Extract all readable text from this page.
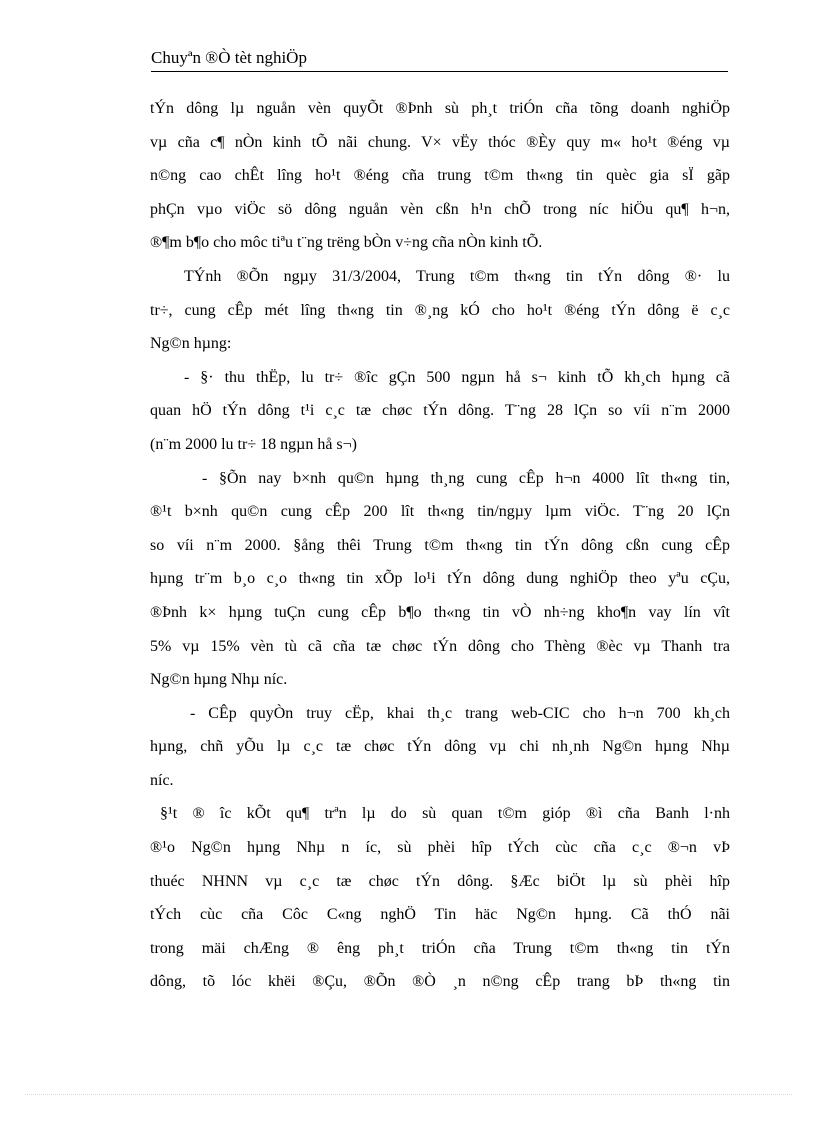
Chuyªn ®Ò tèt nghiÖp
tÝn dông lµ nguån vèn quyÕt ®Þnh sù ph¸t triÓn cña tõng doanh nghiÖp
vµ cña c¶ nÒn kinh tÕ nãi chung. V× vËy thóc ®Èy quy m« ho¹t ®éng vµ
n©ng cao chÊt lîng ho¹t ®éng cña trung t©m th«ng tin quèc gia sÏ gãp
phÇn vµo viÖc sö dông nguån vèn cßn h¹n chÕ trong níc hiÖu qu¶ h¬n,
®¶m b¶o cho môc tiªu t¨ng trëng bÒn v÷ng cña nÒn kinh tÕ.
TÝnh ®Õn ngµy 31/3/2004, Trung t©m th«ng tin tÝn dông ®· lu
tr÷, cung cÊp mét lîng th«ng tin ®¸ng kÓ cho ho¹t ®éng tÝn dông ë c¸c
Ng©n hµng:
- §· thu thËp, lu tr÷ ®îc gÇn 500 ngµn hå s¬ kinh tÕ kh¸ch hµng cã
quan hÖ tÝn dông t¹i c¸c tæ chøc tÝn dông. T¨ng 28 lÇn so víi n¨m 2000
(n¨m 2000 lu tr÷ 18 ngµn hå s¬)
- §Õn nay b×nh qu©n hµng th¸ng cung cÊp h¬n 4000 lît th«ng tin,
®¹t b×nh qu©n cung cÊp 200 lît th«ng tin/ngµy lµm viÖc. T¨ng 20 lÇn
so víi n¨m 2000. §ång thêi Trung t©m th«ng tin tÝn dông cßn cung cÊp
hµng tr¨m b¸o c¸o th«ng tin xÕp lo¹i tÝn dông dung nghiÖp theo yªu cÇu,
®Þnh k× hµng tuÇn cung cÊp b¶o th«ng tin vÒ nh÷ng kho¶n vay lín vît
5% vµ 15% vèn tù cã cña tæ chøc tÝn dông cho Thèng ®èc vµ Thanh tra
Ng©n hµng Nhµ níc.
- CÊp quyÒn truy cËp, khai th¸c trang web-CIC cho h¬n 700 kh¸ch
hµng, chñ yÕu lµ c¸c tæ chøc tÝn dông vµ chi nh¸nh Ng©n hµng Nhµ
níc.
§¹t ® îc kÕt qu¶ trªn lµ do sù quan t©m gióp ®ì cña Banh l·nh
®¹o Ng©n hµng Nhµ n íc, sù phèi hîp tÝch cùc cña c¸c ®¬n vÞ
thuéc NHNN vµ c¸c tæ chøc tÝn dông. §Æc biÖt lµ sù phèi hîp
tÝch cùc cña Côc C«ng nghÖ Tin häc Ng©n hµng. Cã thÓ nãi
trong mäi chÆng ® êng ph¸t triÓn cña Trung t©m th«ng tin tÝn
dông, tõ lóc khëi ®Çu, ®Õn ®Ò ¸n n©ng cÊp trang bÞ th«ng tin
